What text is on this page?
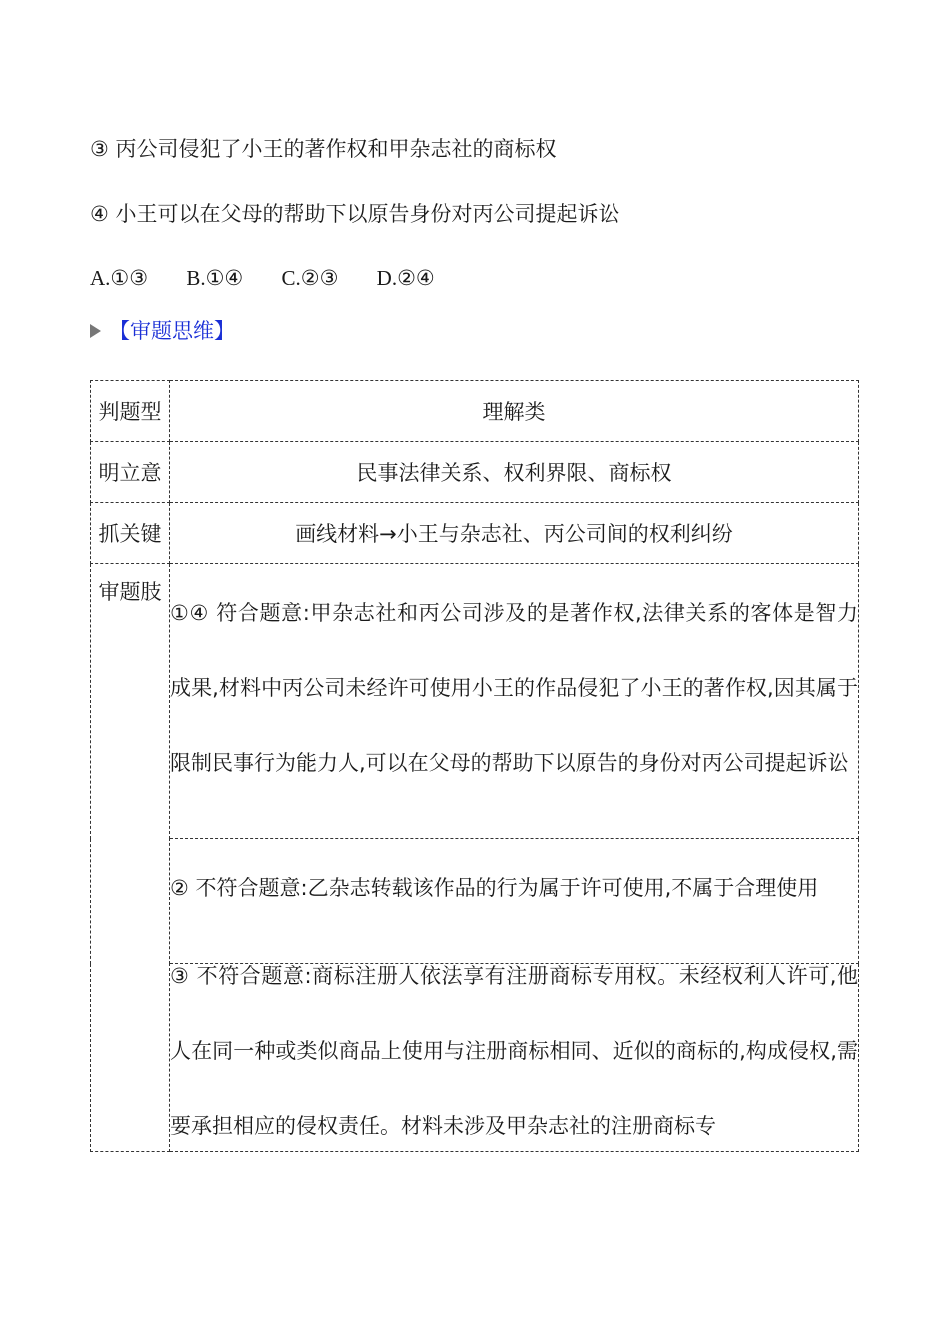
③ 丙公司侵犯了小王的著作权和甲杂志社的商标权
④ 小王可以在父母的帮助下以原告身份对丙公司提起诉讼
A.①③ B.①④ C.②③ D.②④
【审题思维】
判题型	理解类
明立意	民事法律关系、权利界限、商标权
抓关键	画线材料→小王与杂志社、丙公司间的权利纠纷
审题肢	①④ 符合题意:甲杂志社和丙公司涉及的是著作权,法律关系的客体是智力成果,材料中丙公司未经许可使用小王的作品侵犯了小王的著作权,因其属于限制民事行为能力人,可以在父母的帮助下以原告的身份对丙公司提起诉讼

	② 不符合题意:乙杂志转载该作品的行为属于许可使用,不属于合理使用

	③ 不符合题意:商标注册人依法享有注册商标专用权。未经权利人许可,他人在同一种或类似商品上使用与注册商标相同、近似的商标的,构成侵权,需要承担相应的侵权责任。材料未涉及甲杂志社的注册商标专
